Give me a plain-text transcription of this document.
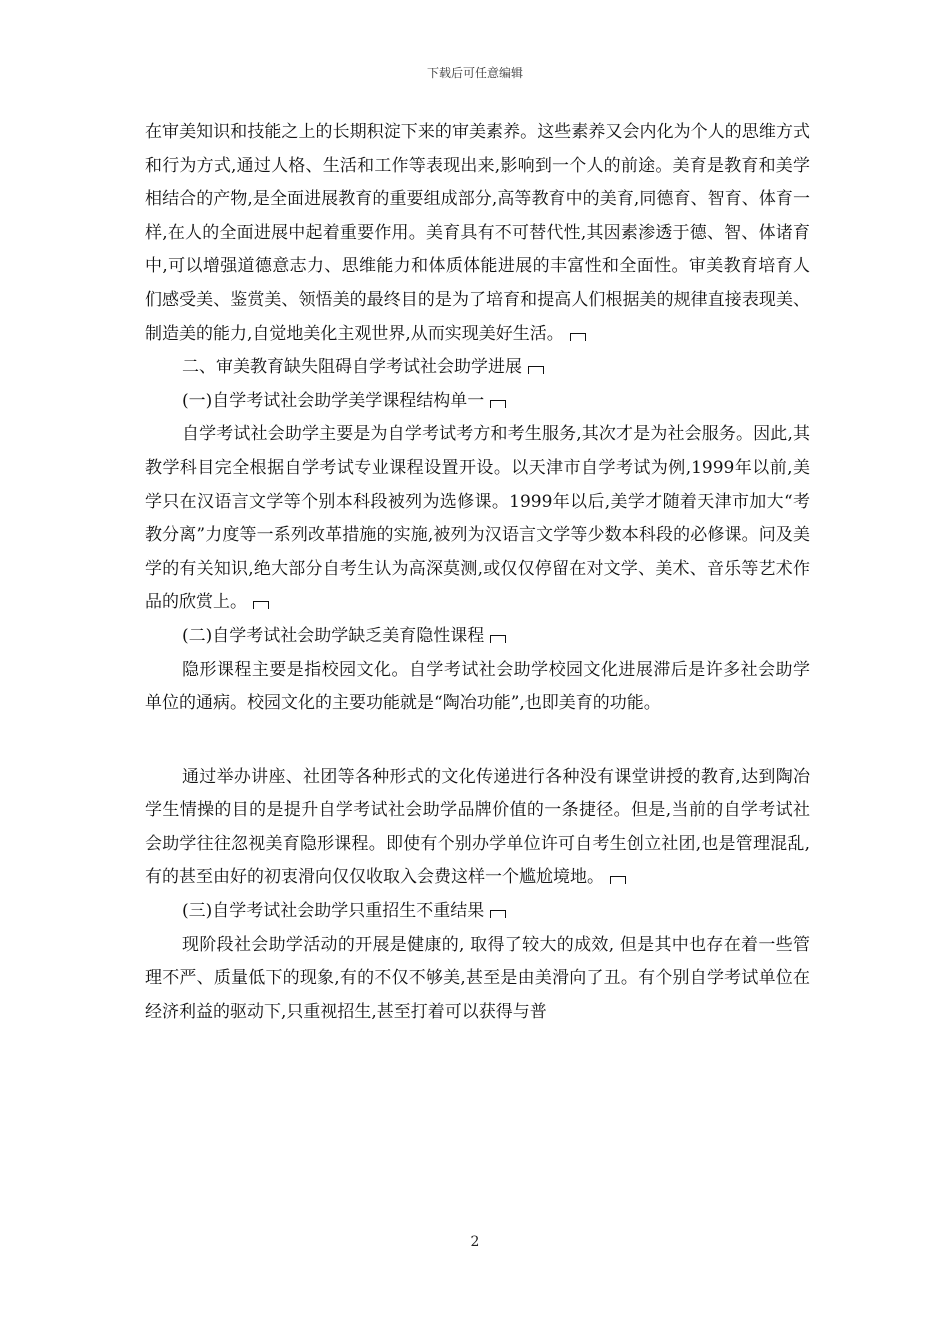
下载后可任意编辑

在审美知识和技能之上的长期积淀下来的审美素养。这些素养又会内化为个人的思维方式和行为方式,通过人格、生活和工作等表现出来,影响到一个人的前途。美育是教育和美学相结合的产物,是全面进展教育的重要组成部分,高等教育中的美育,同德育、智育、体育一样,在人的全面进展中起着重要作用。美育具有不可替代性,其因素渗透于德、智、体诸育中,可以增强道德意志力、思维能力和体质体能进展的丰富性和全面性。审美教育培育人们感受美、鉴赏美、领悟美的最终目的是为了培育和提高人们根据美的规律直接表现美、制造美的能力,自觉地美化主观世界,从而实现美好生活。

二、审美教育缺失阻碍自学考试社会助学进展

(一)自学考试社会助学美学课程结构单一

自学考试社会助学主要是为自学考试考方和考生服务,其次才是为社会服务。因此,其教学科目完全根据自学考试专业课程设置开设。以天津市自学考试为例,1999年以前,美学只在汉语言文学等个别本科段被列为选修课。1999年以后,美学才随着天津市加大“考教分离”力度等一系列改革措施的实施,被列为汉语言文学等少数本科段的必修课。问及美学的有关知识,绝大部分自考生认为高深莫测,或仅仅停留在对文学、美术、音乐等艺术作品的欣赏上。

(二)自学考试社会助学缺乏美育隐性课程

隐形课程主要是指校园文化。自学考试社会助学校园文化进展滞后是许多社会助学单位的通病。校园文化的主要功能就是“陶冶功能”,也即美育的功能。

通过举办讲座、社团等各种形式的文化传递进行各种没有课堂讲授的教育,达到陶冶学生情操的目的是提升自学考试社会助学品牌价值的一条捷径。但是,当前的自学考试社会助学往往忽视美育隐形课程。即使有个别办学单位许可自考生创立社团,也是管理混乱,有的甚至由好的初衷滑向仅仅收取入会费这样一个尴尬境地。

(三)自学考试社会助学只重招生不重结果

现阶段社会助学活动的开展是健康的, 取得了较大的成效, 但是其中也存在着一些管理不严、质量低下的现象,有的不仅不够美,甚至是由美滑向了丑。有个别自学考试单位在经济利益的驱动下,只重视招生,甚至打着可以获得与普

2
